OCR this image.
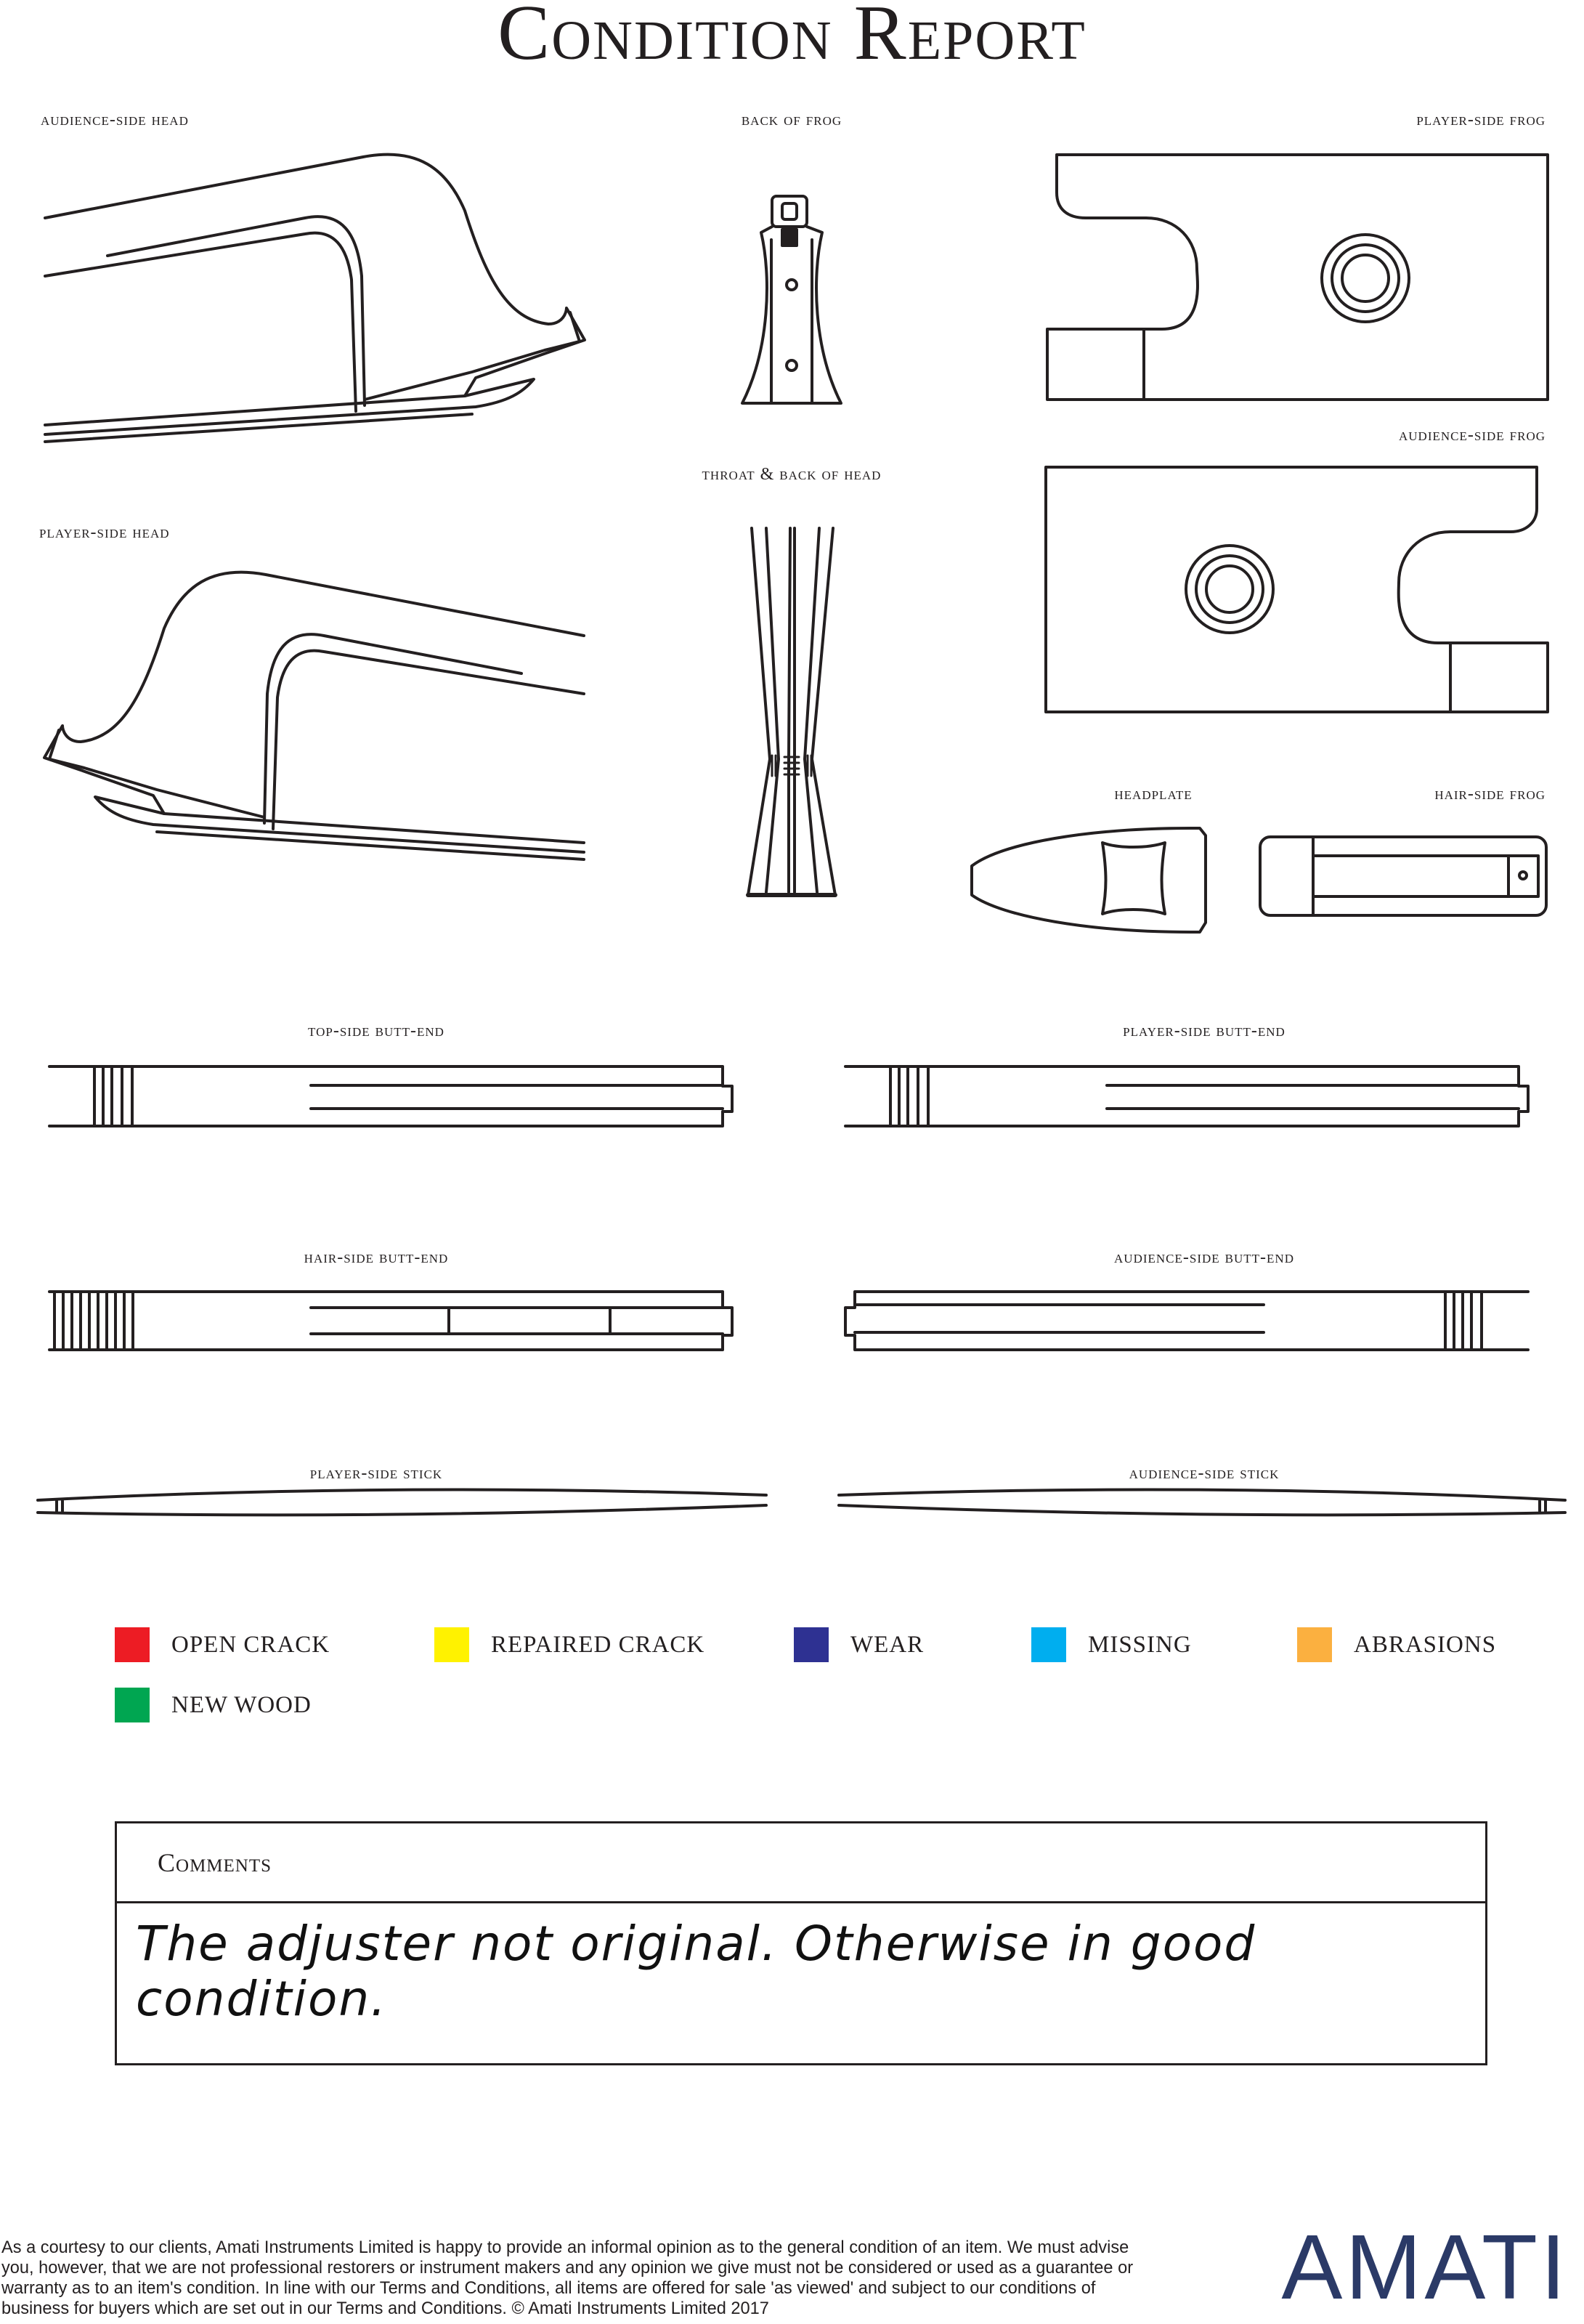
Condition Report
audience-side head	back of frog	player-side frog
audience-side frog
throat & back of head
player-side head
headplate	hair-side frog
top-side butt-end	player-side butt-end
hair-side butt-end	audience-side butt-end
player-side stick	audience-side stick
OPEN CRACK	REPAIRED CRACK	WEAR	MISSING	ABRASIONS
NEW WOOD
Comments
The adjuster not original. Otherwise in good condition.
As a courtesy to our clients, Amati Instruments Limited is happy to provide an informal opinion as to the general condition of an item. We must advise you, however, that we are not professional restorers or instrument makers and any opinion we give must not be considered or used as a guarantee or warranty as to an item's condition. In line with our Terms and Conditions, all items are offered for sale 'as viewed' and subject to our conditions of business for buyers which are set out in our Terms and Conditions. © Amati Instruments Limited 2017	AMATI
